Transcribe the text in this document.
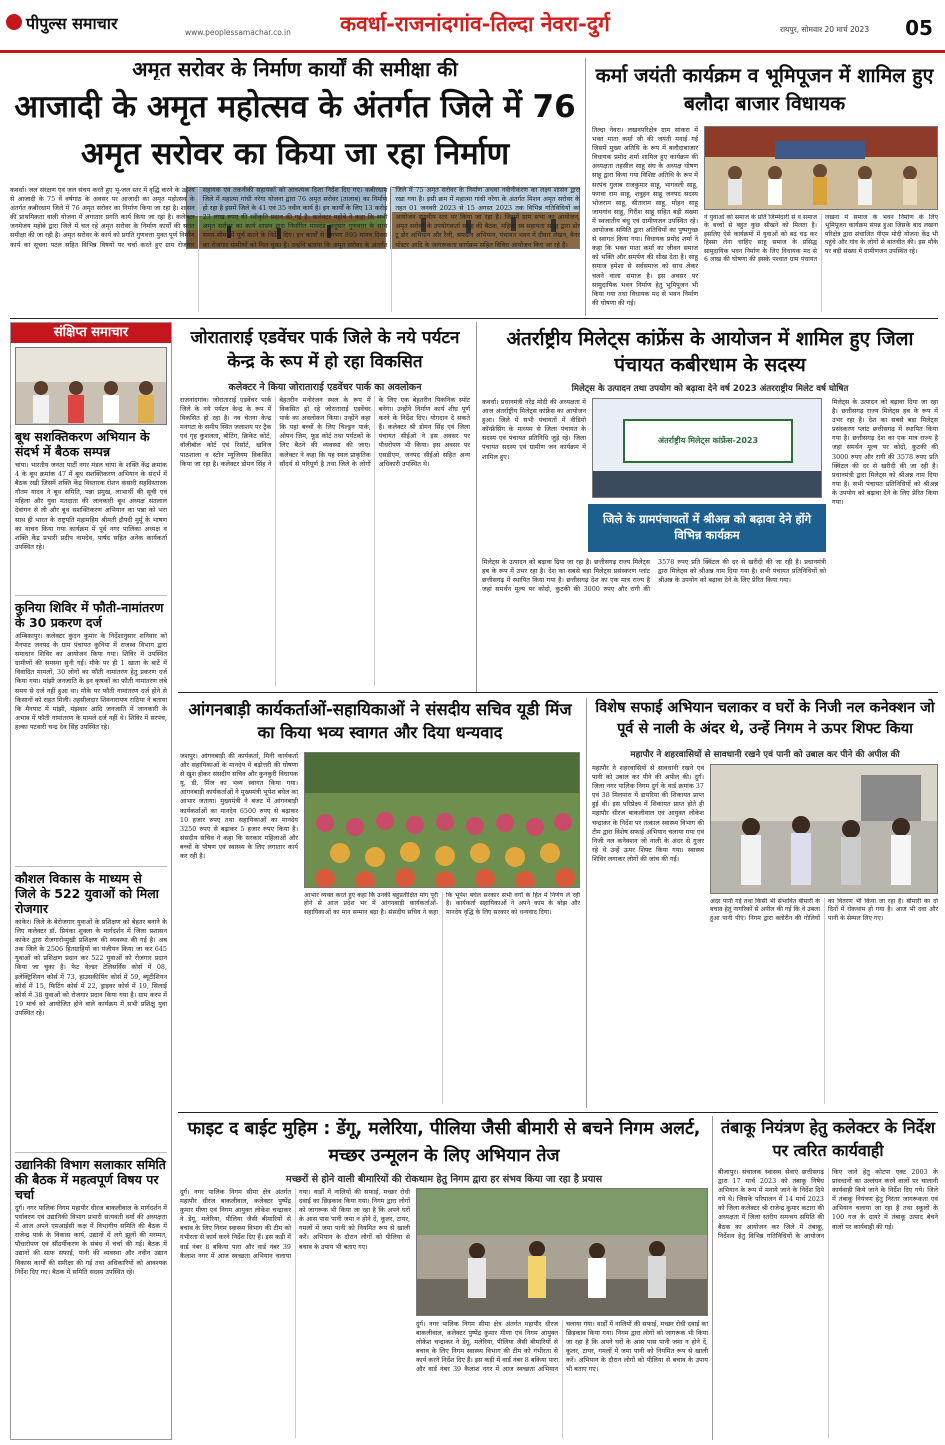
पीपुल्स समाचार	www.peoplessamachar.co.in	कवर्धा-राजनांदगांव-तिल्दा नेवरा-दुर्ग	रायपुर, सोमवार 20 मार्च 2023	05
अमृत सरोवर के निर्माण कार्यों की समीक्षा की
आजादी के अमृत महोत्सव के अंतर्गत जिले में 76 अमृत सरोवर का किया जा रहा निर्माण
कवर्धा। जल संरक्षण एवं जल संचय करते हुए भू-जल स्तर में वृद्धि करने के उद्देश्य से आजादी के 75 वें वर्षगांठ के अवसर पर आजादी का अमृत महोत्सव के अंतर्गत कबीरधाम जिले में 76 अमृत सरोवर का निर्माण किया जा रहा है। शासन की प्राथमिकता वाली योजना में लगातार प्रगति कार्य किया जा रहा है। कलेक्टर जनमेजय महोबे द्वारा जिले में चल रहे अमृत सरोवर के निर्माण कार्यों की सतत समीक्षा की जा रही है। अमृत सरोवर के कार्य को प्रगति गुणवत्ता युक्त पूर्ण निर्माण कार्य का सूचना पटल सहित विभिन्न विषयों पर चर्चा करते हुए ग्राम रोजगार सहायक एवं तकनीकी सहायकों को आवश्यक दिशा निर्देश दिए गए। कबीरधाम जिले में महात्मा गांधी नरेगा योजना द्वारा 76 अमृत सरोवर (तालाब) का निर्माण हो रहा है इसमें जिले के 41 एवं 35 नवीन कार्य है। इन कार्यों के लिए 13 करोड़ 23 लाख रुपए की स्वीकृति प्रदान की गई है। कलेक्टर महोबे ने कहा कि सभी अमृत सरोवर का कार्य शासन द्वारा निर्धारित मापदंड अनुसार गुणवत्ता के साथ समय-सीमा में पूर्ण करने के निर्देश दिए। इन कार्यों से लगभग 895 मानव दिवस का रोजगार ग्रामीणों को मिल चुका है। उन्होंने बताया कि अमृत सरोवर के अंतर्गत जिले में 75 अमृत सरोवर के निर्माण अथवा नवीनीकरण का लक्ष्य शासन द्वारा रखा गया है। इसी क्रम में महात्मा गांधी नरेगा के अंतर्गत मिशन अमृत सरोवर के तहत 01 जनवरी 2023 से 15 अगस्त 2023 तक विभिन्न गतिविधियों का आयोजन स्थानीय स्तर पर किया जा रहा है। जिसमें ग्राम सभा का आयोजन, अमृत सरोवर के उपयोगकर्ता समूह की बैठक, महिला स्व सहायता समूह द्वारा डोर टू डोर अभियान और रैली, श्रमदान अभियान, पंचायत भवन में दीवार लेखन, बैनर पोस्टर आदि के जागरूकता कार्यक्रम सहित विविध आयोजन किए जा रहे हैं।
कर्मा जयंती कार्यक्रम व भूमिपूजन में शामिल हुए बलौदा बाजार विधायक
तिल्दा नेवरा। लखनपरिक्षेत्र ग्राम सांकरा में भक्त माता कर्मा जी की जयंती मनाई गई जिसमें मुख्य अतिथि के रूप में बलौदाबाजार विधायक प्रमोद शर्मा शामिल हुए कार्यक्रम की अध्यक्षता तहसील साहू संघ के अध्यक्ष घोषण साहू द्वारा किया गया विशिष्ट अतिथि के रूप में सरपंच गुलाब राजकुमार साहू, भागवली साहू, फगवा राम साहू, शत्रुहन साहू जनपद सदस्य भोजराम साहू, सीताराम साहू, मोहन साहू जामगांव साहू, गिरीश साहू सहित बड़ी संख्या में स्वजातीय बंधु एवं ग्रामीणजन उपस्थित रहे। आयोजक समिति द्वारा अतिथियों का पुष्पगुच्छ से स्वागत किया गया। विधायक प्रमोद शर्मा ने कहा कि भक्त माता कर्मा का जीवन समाज को भक्ति और समर्पण की सीख देता है। साहू समाज हमेशा से सर्वसमाज को साथ लेकर चलने वाला समाज है। इस अवसर पर सामुदायिक भवन निर्माण हेतु भूमिपूजन भी किया गया तथा विधायक मद से भवन निर्माण की घोषणा की गई।
ने युवाओं को समाज के प्रति जिम्मेदारी से व समाज के बच्चों से बहुत कुछ सीखने को मिलता है। इसलिए ऐसे कार्यक्रमों में युवाओं को बढ़ चढ़ कर हिस्सा लेना चाहिए साहू समाज के प्रसिद्ध सामुदायिक भवन निर्माण के लिए विधायक मद से 6 लाख की घोषणा की इसके पश्चात ग्राम पंचायत लखना में समाज के भवन निर्माण के लिए भूमिपूजन कार्यक्रम संपन्न हुआ जिसके बाद लखना परिक्षेत्र द्वारा संचालित पीएम मोदी योजना केंद्र भी पहुंचे और गांव के लोगों से बातचीत की। इस मौके पर बड़ी संख्या में ग्रामीणजन उपस्थित रहे।
संक्षिप्त समाचार
बूथ सशक्तिकरण अभियान के संदर्भ में बैठक सम्पन्न
चांपा। भारतीय जनता पार्टी नगर मंडल चांपा के शक्ति केंद्र क्रमांक 4 के बूथ क्रमांक 47 में बूथ सशक्तिकरण अभियान के संदर्भ में बैठक रखी जिसमें शक्ति केंद्र विस्तारक रोशन कंसारी सहविस्तारक गौतम यादव ने बूथ समिति, पन्ना प्रमुख, लाभार्थी की सूची एवं महिला और युवा मतदाता की जानकारी बूथ अध्यक्ष संतलाल देवांगन से ली और बूथ सशक्तिकरण अभियान का पन्ना को भरा साथ ही भारत के राष्ट्रपति महामहिम श्रीमती द्रौपदी मुर्मू के भाषण का वाचन किया गया कार्यक्रम में पूर्व नगर पालिका अध्यक्ष व शक्ति केंद्र प्रभारी प्रदीप नामदेव, पार्षद सहित अनेक कार्यकर्ता उपस्थित रहे।
कुनिया शिविर में फौती-नामांतरण के 30 प्रकरण दर्ज
अम्बिकापुर। कलेक्टर कुंदन कुमार के निर्देशानुसार शनिवार को मैनपाट जनपद के ग्राम पंचायत कुनिया में राजस्व विभाग द्वारा समाधान शिविर का आयोजन किया गया। शिविर में उपस्थित ग्रामीणों की समस्या सुनी गई। मौके पर ही 1 खाता के बाटें में विवादित मामलों, 30 लोगों का फौती नामांतरण हेतु प्रकरण दर्ज किया गया। मांझी जनजाति के इन कृषकों का फौती नामांतरण लंबे समय से दर्ज नहीं हुआ था। मौके पर फौती नामांतरण दर्ज होने से किसानों को राहत मिली। तहसीलदार शिवनारायण राठिया ने बताया कि मैनपाट में मांझी, मंझवार आदि जनजाति में जानकारी के अभाव में फौती नामांतरण के मामले दर्ज नहीं थे। शिविर में सरपंच, हल्का पटवारी चन्द्र देव सिंह उपस्थित रहे।
कौशल विकास के माध्यम से जिले के 522 युवाओं को मिला रोजगार
कांकेर। जिले के बेरोजगार युवाओं के प्रशिक्षण को बेहतर बनाने के लिए कलेक्टर डॉ. प्रियंका शुक्ला के मार्गदर्शन में जिला प्रशासन कांकेर द्वारा रोजगारोन्मुखी प्रशिक्षण की व्यवस्था की गई है। अब तक जिले के 2506 हितग्राहियों का पंजीयन किया जा कर 645 युवाओं को प्रशिक्षण प्रदान कर 522 युवाओं को रोजगार प्रदान किया जा चुका है। फेट वेल्डर टेलिसर्विस कोर्स में 08, इलेक्ट्रिशियन कोर्स में 73, हाउसकीपिंग कोर्स में 59, ब्यूटीशियन कोर्स में 15, फिटिंग कोर्स में 22, ड्राइवर कोर्स में 19, सिलाई कोर्स में 38 युवाओं को रोजगार प्रदान किया गया है। ग्राम करप में 19 मार्च को आयोजित होने वाले कार्यक्रम में सभी प्रशिक्षु युवा उपस्थित रहे।
उद्यानिकी विभाग सलाकार समिति की बैठक में महत्वपूर्ण विषय पर चर्चा
दुर्ग। नगर पालिक निगम महापौर धीरज बाकलीवाल के मार्गदर्शन में पर्यावरण एवं उद्यानिकी विभाग प्रभारी सत्यवती वर्मा की अध्यक्षता में आज अपने एमआईसी कक्ष में विभागीय समिति की बैठक में राजेन्द्र पार्क के विकास कार्य, उद्यानों में लगे झूलों की मरम्मत, पौधारोपण एवं सौंदर्यीकरण के संबंध में चर्चा की गई। बैठक में उद्यानों की साफ सफाई, पानी की व्यवस्था और नवीन उद्यान विकास कार्यों की समीक्षा की गई तथा अधिकारियों को आवश्यक निर्देश दिए गए। बैठक में समिति सदस्य उपस्थित रहे।
जोराताराई एडवेंचर पार्क जिले के नये पर्यटन केन्द्र के रूप में हो रहा विकसित
कलेक्टर ने किया जोराताराई एडवेंचर पार्क का अवलोकन
राजनांदगांव। जोराताराई एडवेंचर पार्क जिले के नये पर्यटन केन्द्र के रूप में विकसित हो रहा है। नव चेतना केन्द्र मनगटा के समीप स्थित जलाशय पर ट्रैक एवं गृह कुशलता, बोटिंग, क्रिकेट कोर्ट, वॉलीबॉल कोर्ट एवं रिसॉर्ट, खनिज पाठशाला व स्टोन म्यूजियम विकसित किया जा रहा है। कलेक्टर डोमन सिंह ने बेहतरीन मनोरंजन स्थल के रूप में विकसित हो रहे जोराताराई एडवेंचर पार्क का अवलोकन किया। उन्होंने कहा कि यहां बच्चों के लिए चिल्ड्रन पार्क, ओपन जिम, फूड कोर्ट तथा पर्यटकों के लिए बैठने की व्यवस्था की जाए। कलेक्टर ने कहा कि यह स्थल प्राकृतिक सौंदर्य से परिपूर्ण है तथा जिले के लोगों के लिए एक बेहतरीन पिकनिक स्पॉट बनेगा। उन्होंने निर्माण कार्य शीघ्र पूर्ण करने के निर्देश दिए। योगदान दे सकते हैं। कलेक्टर श्री डोमन सिंह एवं जिला पंचायत सीईओ ने इस अवसर पर पौधरोपण भी किया। इस अवसर पर एसडीएम, जनपद सीईओ सहित अन्य अधिकारी उपस्थित थे।
अंतर्राष्ट्रीय मिलेट्स कांफ्रेंस के आयोजन में शामिल हुए जिला पंचायत कबीरधाम के सदस्य
मिलेट्स के उत्पादन तथा उपयोग को बढ़ावा देने वर्ष 2023 अंतरराष्ट्रीय मिलेट वर्ष घोषित
कवर्धा। प्रधानमंत्री नरेंद्र मोदी की अध्यक्षता में आज अंतर्राष्ट्रीय मिलेट्स कांफ्रेंस का आयोजन हुआ। जिले में सभी पंचायतों में वीडियो कॉन्फ्रेंसिंग के माध्यम से जिला पंचायत के सदस्य एवं पंचायत प्रतिनिधि जुड़े रहे। जिला पंचायत सदस्य एवं ग्रामीण जन कार्यक्रम में शामिल हुए।
अंतर्राष्ट्रीय मिलेट्स कांफ्रेंस-2023
जिले के ग्रामपंचायतों में श्रीअन्न को बढ़ावा देने होंगे विभिन्न कार्यक्रम
मिलेट्स के उत्पादन को बढ़ावा दिया जा रहा है। छत्तीसगढ़ राज्य मिलेट्स हब के रूप में उभर रहा है। देश का सबसे बड़ा मिलेट्स प्रसंस्करण प्लांट छत्तीसगढ़ में स्थापित किया गया है। छत्तीसगढ़ देश का एक मात्र राज्य है जहां समर्थन मूल्य पर कोदो, कुटकी की 3000 रुपए और रागी की 3578 रुपए प्रति क्विंटल की दर से खरीदी की जा रही है। प्रधानमंत्री द्वारा मिलेट्स को श्रीअन्न नाम दिया गया है। सभी पंचायत प्रतिनिधियों को श्रीअन्न के उपयोग को बढ़ावा देने के लिए प्रेरित किया गया।
मिलेट्स के उत्पादन को बढ़ावा दिया जा रहा है। छत्तीसगढ़ राज्य मिलेट्स हब के रूप में उभर रहा है। देश का सबसे बड़ा मिलेट्स प्रसंस्करण प्लांट छत्तीसगढ़ में स्थापित किया गया है। छत्तीसगढ़ देश का एक मात्र राज्य है जहां समर्थन मूल्य पर कोदो, कुटकी की 3000 रुपए और रागी की 3578 रुपए प्रति क्विंटल की दर से खरीदी की जा रही है। प्रधानमंत्री द्वारा मिलेट्स को श्रीअन्न नाम दिया गया है। सभी पंचायत प्रतिनिधियों को श्रीअन्न के उपयोग को बढ़ावा देने के लिए प्रेरित किया गया।
आंगनबाड़ी कार्यकर्ताओं-सहायिकाओं ने संसदीय सचिव यूडी मिंज का किया भव्य स्वागत और दिया धन्यवाद
जशपुर। आंगनबाड़ी की कार्यकर्ता, मिनी कार्यकर्ता और सहायिकाओं के मानदेय में बढ़ोत्तरी की घोषणा से खुश होकर संसदीय सचिव और कुनकुरी विधायक यू. डी. मिंज का भव्य स्वागत किया गया। आंगनबाड़ी कार्यकर्ताओं ने मुख्यमंत्री भूपेश बघेल का आभार जताया। मुख्यमंत्री ने बजट में आंगनबाड़ी कार्यकर्ताओं का मानदेय 6500 रुपए से बढ़ाकर 10 हजार रुपए तथा सहायिकाओं का मानदेय 3250 रुपए से बढ़ाकर 5 हजार रुपए किया है। संसदीय सचिव ने कहा कि सरकार महिलाओं और बच्चों के पोषण एवं स्वास्थ्य के लिए लगातार कार्य कर रही है।
आभार व्यक्त करते हुए कहा कि उनकी बहुप्रतीक्षित मांग पूरी होने से आज प्रदेश भर में आंगनबाड़ी कार्यकर्ताओं-सहायिकाओं का मान सम्मान बढ़ा है। संसदीय सचिव ने कहा कि भूपेश बघेल सरकार सभी वर्गों के हित में निर्णय ले रही है। कार्यकर्ता सहायिकाओं ने अपने काम के बोझ और मानदेय वृद्धि के लिए सरकार को धन्यवाद दिया।
विशेष सफाई अभियान चलाकर व घरों के निजी नल कनेक्शन जो पूर्व से नाली के अंदर थे, उन्हें निगम ने ऊपर शिफ्ट किया
महापौर ने शहरवासियों से सावधानी रखने एवं पानी को उबाल कर पीने की अपील की
महापौर ने शहरवासियों से सावधानी रखने एवं पानी को उबाल कर पीने की अपील की। दुर्ग। जिला नगर पालिक निगम दुर्ग के वार्ड क्रमांक 37 एवं 38 मिलपारा में डायरिया की शिकायत प्राप्त हुई थी। इस परिप्रेक्ष्य में शिकायत प्राप्त होते ही महापौर धीरज बाकलीवाल एवं आयुक्त लोकेश चन्द्राकर के निर्देश पर तत्काल स्वास्थ्य विभाग की टीम द्वारा विशेष सफाई अभियान चलाया गया एवं निजी नल कनेक्शन जो नाली के अंदर से गुजर रहे थे उन्हें ऊपर शिफ्ट किया गया। स्वास्थ्य शिविर लगाकर लोगों की जांच की गई।
अंदर पानी गई तथा किसी भी संभावित बीमारी के बचाव हेतु नागरिकों से अपील की गई कि वे उबला हुआ पानी पीएं। निगम द्वारा क्लोरीन की गोलियों का वितरण भी किया जा रहा है। बीमारी का दो दिनों में रोकथाम हो गया है। आज भी दवा और पानी के सेम्पल लिए गए।
फाइट द बाईट मुहिम : डेंगू, मलेरिया, पीलिया जैसी बीमारी से बचने निगम अलर्ट, मच्छर उन्मूलन के लिए अभियान तेज
मच्छरों से होने वाली बीमारियों की रोकथाम हेतु निगम द्वारा हर संभव किया जा रहा है प्रयास
दुर्ग। नगर पालिक निगम सीमा क्षेत्र अंतर्गत महापौर धीरज बाकलीवाल, कलेक्टर पुष्पेंद्र कुमार मीणा एवं निगम आयुक्त लोकेश चन्द्राकर ने डेंगू, मलेरिया, पीलिया जैसी बीमारियों से बचाव के लिए निगम स्वास्थ्य विभाग की टीम को गंभीरता से कार्य करने निर्देश दिए हैं। इस कड़ी में वार्ड नंबर 8 बकिया पारा और वार्ड नंबर 39 कैलाश नगर में आज स्वच्छता अभियान चलाया गया। वार्डों में नालियों की सफाई, मच्छर रोधी दवाई का छिड़काव किया गया। निगम द्वारा लोगों को जागरूक भी किया जा रहा है कि अपने घरों के आस पास पानी जमा न होने दें, कूलर, टायर, गमलों में जमा पानी को नियमित रूप से खाली करें। अभियान के दौरान लोगों को पीलिया से बचाव के उपाय भी बताए गए।
दुर्ग। नगर पालिक निगम सीमा क्षेत्र अंतर्गत महापौर धीरज बाकलीवाल, कलेक्टर पुष्पेंद्र कुमार मीणा एवं निगम आयुक्त लोकेश चन्द्राकर ने डेंगू, मलेरिया, पीलिया जैसी बीमारियों से बचाव के लिए निगम स्वास्थ्य विभाग की टीम को गंभीरता से कार्य करने निर्देश दिए हैं। इस कड़ी में वार्ड नंबर 8 बकिया पारा और वार्ड नंबर 39 कैलाश नगर में आज स्वच्छता अभियान चलाया गया। वार्डों में नालियों की सफाई, मच्छर रोधी दवाई का छिड़काव किया गया। निगम द्वारा लोगों को जागरूक भी किया जा रहा है कि अपने घरों के आस पास पानी जमा न होने दें, कूलर, टायर, गमलों में जमा पानी को नियमित रूप से खाली करें। अभियान के दौरान लोगों को पीलिया से बचाव के उपाय भी बताए गए।
तंबाकू नियंत्रण हेतु कलेक्टर के निर्देश पर त्वरित कार्यवाही
बीजापुर। संचालक स्वास्थ्य सेवाएं छत्तीसगढ़ द्वारा 17 मार्च 2023 को तंबाकू निषेध अभियान के रूप में मनाये जाने के निर्देश दिये गये थे। जिसके परिपालन में 14 मार्च 2023 को जिला कलेक्टर श्री राजेन्द्र कुमार कटारा की अध्यक्षता में जिला स्तरीय समन्वय समिति की बैठक का आयोजन कर जिले में तंबाकू, निर्देशन हेतु विभिन्न गतिविधियों के आयोजन किए जाने हेतु कोटपा एक्ट 2003 के प्रावधानों का उल्लंघन करने वालों पर चालानी कार्यवाही किये जाने के निर्देश दिए गये। जिले में तंबाकू नियंत्रण हेतु निरंतर जागरूकता एवं अभियान चलाया जा रहा है तथा स्कूलों के 100 गज के दायरे में तंबाकू उत्पाद बेचने वालों पर कार्यवाही की गई।
